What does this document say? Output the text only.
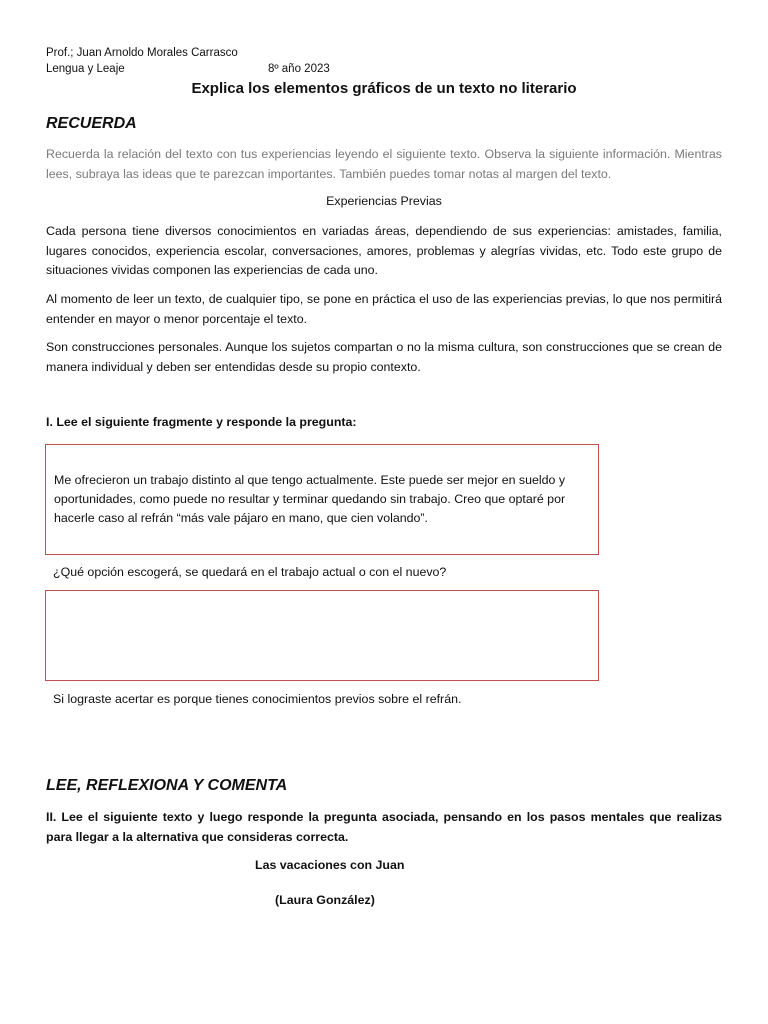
Prof.; Juan Arnoldo Morales Carrasco
Lengua y Leaje	8º año 2023
Explica los elementos gráficos de un texto no literario
RECUERDA
Recuerda la relación del texto con tus experiencias leyendo el siguiente texto. Observa la siguiente información. Mientras lees, subraya las ideas que te parezcan importantes. También puedes tomar notas al margen del texto.
Experiencias Previas
Cada persona tiene diversos conocimientos en variadas áreas, dependiendo de sus experiencias: amistades, familia, lugares conocidos, experiencia escolar, conversaciones, amores, problemas y alegrías vividas, etc. Todo este grupo de situaciones vividas componen las experiencias de cada uno.
Al momento de leer un texto, de cualquier tipo, se pone en práctica el uso de las experiencias previas, lo que nos permitirá entender en mayor o menor porcentaje el texto.
Son construcciones personales. Aunque los sujetos compartan o no la misma cultura, son construcciones que se crean de manera individual y deben ser entendidas desde su propio contexto.
I. Lee el siguiente fragmente y responde la pregunta:
Me ofrecieron un trabajo distinto al que tengo actualmente. Este puede ser mejor en sueldo y oportunidades, como puede no resultar y terminar quedando sin trabajo. Creo que optaré por hacerle caso al refrán “más vale pájaro en mano, que cien volando”.
¿Qué opción escogerá, se quedará en el trabajo actual o con el nuevo?
Si lograste acertar es porque tienes conocimientos previos sobre el refrán.
LEE, REFLEXIONA Y COMENTA
II. Lee el siguiente texto y luego responde la pregunta asociada, pensando en los pasos mentales que realizas para llegar a la alternativa que consideras correcta.
Las vacaciones con Juan
(Laura González)
